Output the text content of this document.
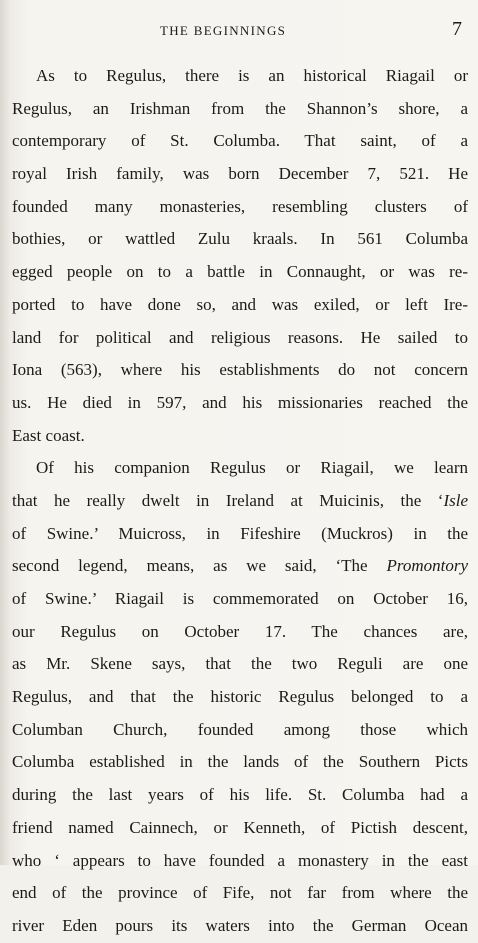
THE BEGINNINGS	7
As to Regulus, there is an historical Riagail or
Regulus, an Irishman from the Shannon’s shore, a
contemporary of St. Columba. That saint, of a
royal Irish family, was born December 7, 521. He
founded many monasteries, resembling clusters of
bothies, or wattled Zulu kraals. In 561 Columba
egged people on to a battle in Connaught, or was re-
ported to have done so, and was exiled, or left Ire-
land for political and religious reasons. He sailed to
Iona (563), where his establishments do not concern
us. He died in 597, and his missionaries reached the
East coast.
Of his companion Regulus or Riagail, we learn
that he really dwelt in Ireland at Muicinis, the ‘Isle
of Swine.’ Muicross, in Fifeshire (Muckros) in the
second legend, means, as we said, ‘The Promontory
of Swine.’ Riagail is commemorated on October 16,
our Regulus on October 17. The chances are,
as Mr. Skene says, that the two Reguli are one
Regulus, and that the historic Regulus belonged to a
Columban Church, founded among those which
Columba established in the lands of the Southern Picts
during the last years of his life. St. Columba had a
friend named Cainnech, or Kenneth, of Pictish descent,
who ‘ appears to have founded a monastery in the east
end of the province of Fife, not far from where the
river Eden pours its waters into the German Ocean
